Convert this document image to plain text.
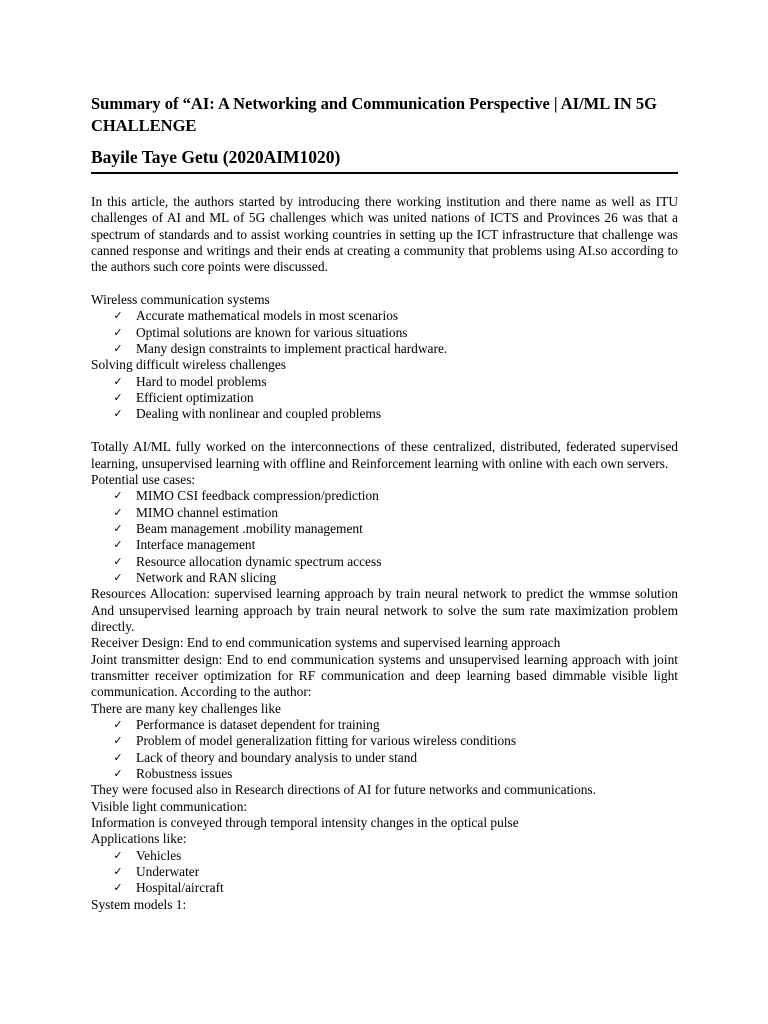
Summary of “AI: A Networking and Communication Perspective | AI/ML IN 5G CHALLENGE
Bayile Taye Getu (2020AIM1020)

In this article, the authors started by introducing there working institution and there name as well as ITU challenges of AI and ML of 5G challenges which was united nations of ICTS and Provinces 26 was that a spectrum of standards and to assist working countries in setting up the ICT infrastructure that challenge was canned response and writings and their ends at creating a community that problems using AI.so according to the authors such core points were discussed.

Wireless communication systems

✓ Accurate mathematical models in most scenarios
✓ Optimal solutions are known for various situations
✓ Many design constraints to implement practical hardware.

Solving difficult wireless challenges

✓ Hard to model problems
✓ Efficient optimization
✓ Dealing with nonlinear and coupled problems

Totally AI/ML fully worked on the interconnections of these centralized, distributed, federated supervised learning, unsupervised learning with offline and Reinforcement learning with online with each own servers.

Potential use cases:

✓ MIMO CSI feedback compression/prediction
✓ MIMO channel estimation
✓ Beam management .mobility management
✓ Interface management
✓ Resource allocation dynamic spectrum access
✓ Network and RAN slicing

Resources Allocation: supervised learning approach by train neural network to predict the wmmse solution And unsupervised learning approach by train neural network to solve the sum rate maximization problem directly.

Receiver Design: End to end communication systems and supervised learning approach

Joint transmitter design: End to end communication systems and unsupervised learning approach with joint transmitter receiver optimization for RF communication and deep learning based dimmable visible light communication. According to the author:

There are many key challenges like

✓ Performance is dataset dependent for training
✓ Problem of model generalization fitting for various wireless conditions
✓ Lack of theory and boundary analysis to under stand
✓ Robustness issues

They were focused also in Research directions of AI for future networks and communications.

Visible light communication:

Information is conveyed through temporal intensity changes in the optical pulse

Applications like:

✓ Vehicles
✓ Underwater
✓ Hospital/aircraft

System models 1:
